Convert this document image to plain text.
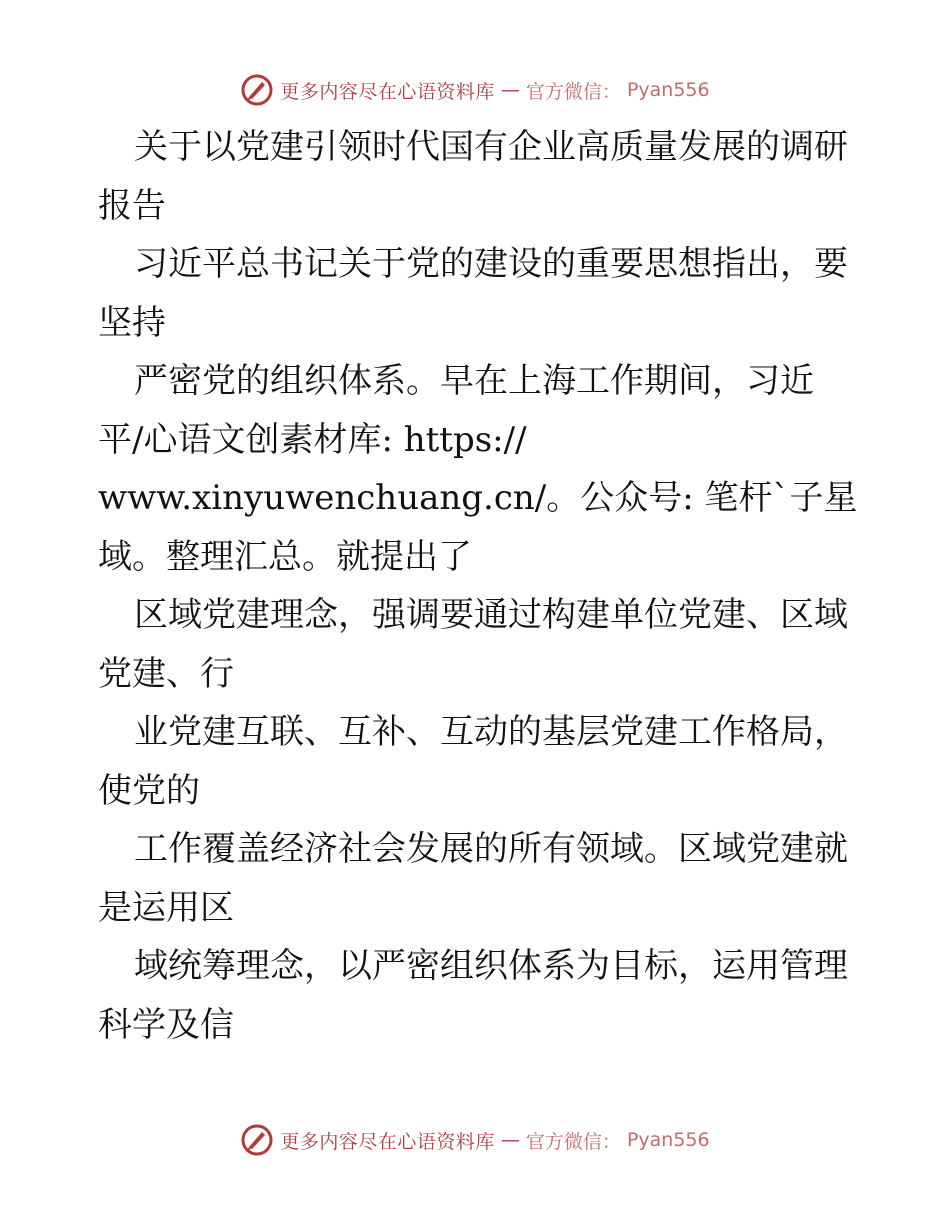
更多内容尽在心语资料库 — 官方微信： Pyan556
关于以党建引领时代国有企业高质量发展的调研
报告
习近平总书记关于党的建设的重要思想指出，要
坚持
严密党的组织体系。早在上海工作期间，习近
平/心语文创素材库: https://
www.xinyuwenchuang.cn/。公众号: 笔杆`子星
域。整理汇总。就提出了
区域党建理念，强调要通过构建单位党建、区域
党建、行
业党建互联、互补、互动的基层党建工作格局，
使党的
工作覆盖经济社会发展的所有领域。区域党建就
是运用区
域统筹理念，以严密组织体系为目标，运用管理
科学及信
更多内容尽在心语资料库 — 官方微信： Pyan556
